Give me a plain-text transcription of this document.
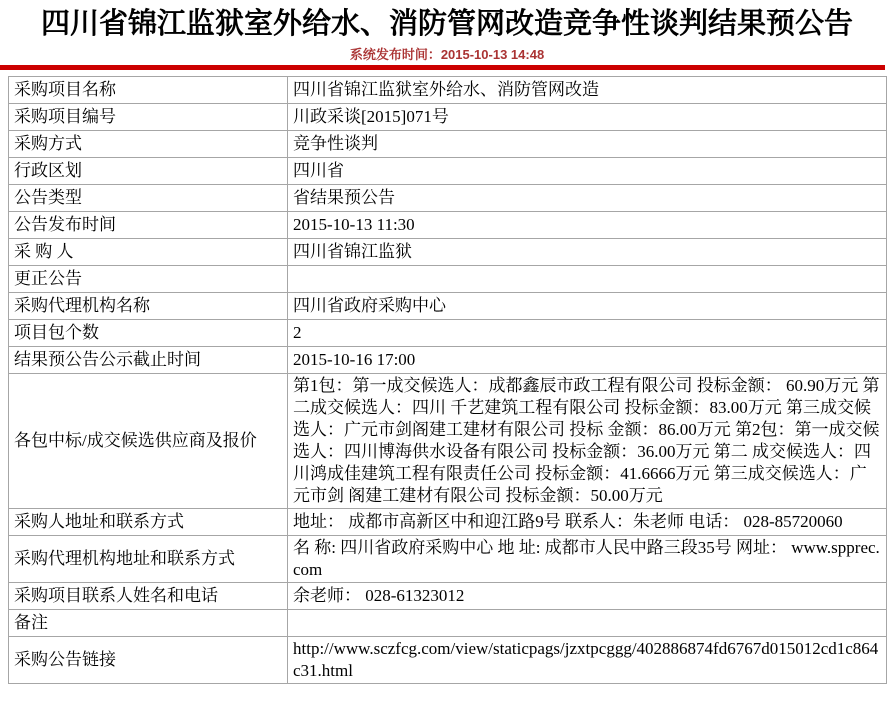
四川省锦江监狱室外给水、消防管网改造竞争性谈判结果预公告
系统发布时间：2015-10-13 14:48
采购项目名称	四川省锦江监狱室外给水、消防管网改造
采购项目编号	川政采谈[2015]071号
采购方式	竞争性谈判
行政区划	四川省
公告类型	省结果预公告
公告发布时间	2015-10-13 11:30
采 购 人	四川省锦江监狱
更正公告	
采购代理机构名称	四川省政府采购中心
项目包个数	2
结果预公告公示截止时间	2015-10-16 17:00
各包中标/成交候选供应商及报价	第1包：第一成交候选人：成都鑫辰市政工程有限公司 投标金额： 60.90万元 第二成交候选人：四川 千艺建筑工程有限公司 投标金额：83.00万元 第三成交候选人：广元市剑阁建工建材有限公司 投标 金额：86.00万元 第2包：第一成交候选人：四川博海供水设备有限公司 投标金额：36.00万元 第二 成交候选人：四川鸿成佳建筑工程有限责任公司 投标金额：41.6666万元 第三成交候选人：广元市剑 阁建工建材有限公司 投标金额：50.00万元
采购人地址和联系方式	地址： 成都市高新区中和迎江路9号 联系人：朱老师 电话： 028-85720060
采购代理机构地址和联系方式	名 称: 四川省政府采购中心 地 址: 成都市人民中路三段35号 网址： www.spprec.com
采购项目联系人姓名和电话	余老师： 028-61323012
备注	
采购公告链接	http://www.sczfcg.com/view/staticpags/jzxtpcggg/402886874fd6767d015012cd1c864c31.html
